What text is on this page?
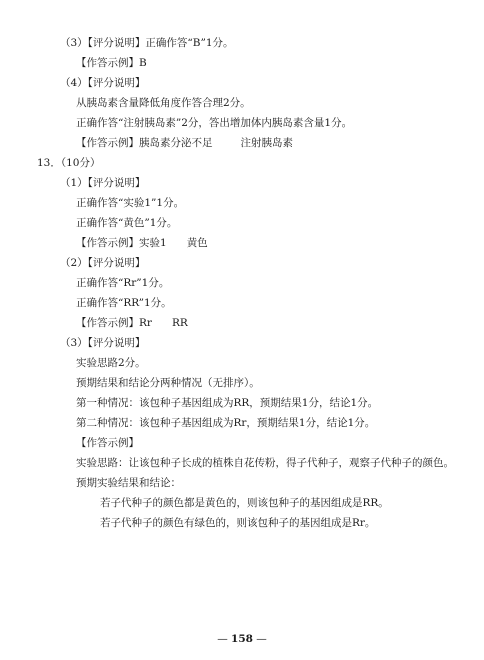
（3）【评分说明】正确作答“B”1分。
【作答示例】B
（4）【评分说明】
从胰岛素含量降低角度作答合理2分。
正确作答“注射胰岛素”2分，答出增加体内胰岛素含量1分。
【作答示例】胰岛素分泌不足	注射胰岛素
13．（10分）
（1）【评分说明】
正确作答“实验1”1分。
正确作答“黄色”1分。
【作答示例】实验1 黄色
（2）【评分说明】
正确作答“Rr”1分。
正确作答“RR”1分。
【作答示例】Rr RR
（3）【评分说明】
实验思路2分。
预期结果和结论分两种情况（无排序）。
第一种情况：该包种子基因组成为RR，预期结果1分，结论1分。
第二种情况：该包种子基因组成为Rr，预期结果1分，结论1分。
【作答示例】
实验思路：让该包种子长成的植株自花传粉，得子代种子，观察子代种子的颜色。
预期实验结果和结论：
若子代种子的颜色都是黄色的，则该包种子的基因组成是RR。
若子代种子的颜色有绿色的，则该包种子的基因组成是Rr。
— 158 —
